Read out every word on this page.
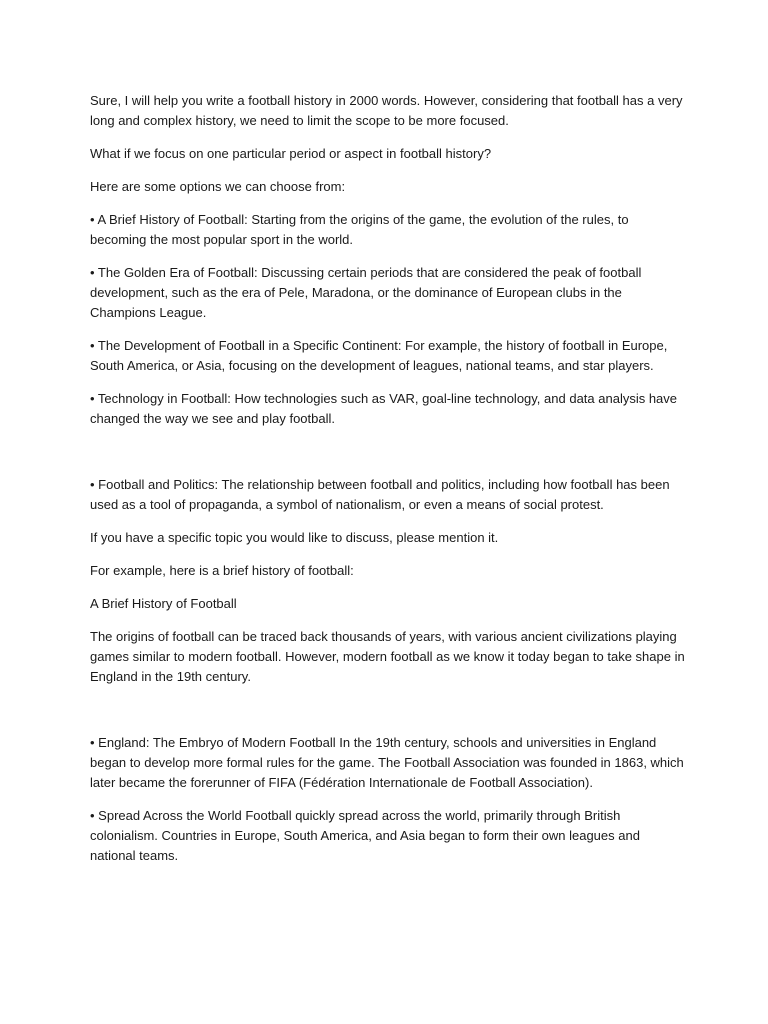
Sure, I will help you write a football history in 2000 words. However, considering that football has a very long and complex history, we need to limit the scope to be more focused.

What if we focus on one particular period or aspect in football history?

Here are some options we can choose from:

• A Brief History of Football: Starting from the origins of the game, the evolution of the rules, to becoming the most popular sport in the world.

• The Golden Era of Football: Discussing certain periods that are considered the peak of football development, such as the era of Pele, Maradona, or the dominance of European clubs in the Champions League.

• The Development of Football in a Specific Continent: For example, the history of football in Europe, South America, or Asia, focusing on the development of leagues, national teams, and star players.

• Technology in Football: How technologies such as VAR, goal-line technology, and data analysis have changed the way we see and play football.

• Football and Politics: The relationship between football and politics, including how football has been used as a tool of propaganda, a symbol of nationalism, or even a means of social protest.

If you have a specific topic you would like to discuss, please mention it.

For example, here is a brief history of football:

A Brief History of Football

The origins of football can be traced back thousands of years, with various ancient civilizations playing games similar to modern football. However, modern football as we know it today began to take shape in England in the 19th century.

• England: The Embryo of Modern Football In the 19th century, schools and universities in England began to develop more formal rules for the game. The Football Association was founded in 1863, which later became the forerunner of FIFA (Fédération Internationale de Football Association).

• Spread Across the World Football quickly spread across the world, primarily through British colonialism. Countries in Europe, South America, and Asia began to form their own leagues and national teams.
